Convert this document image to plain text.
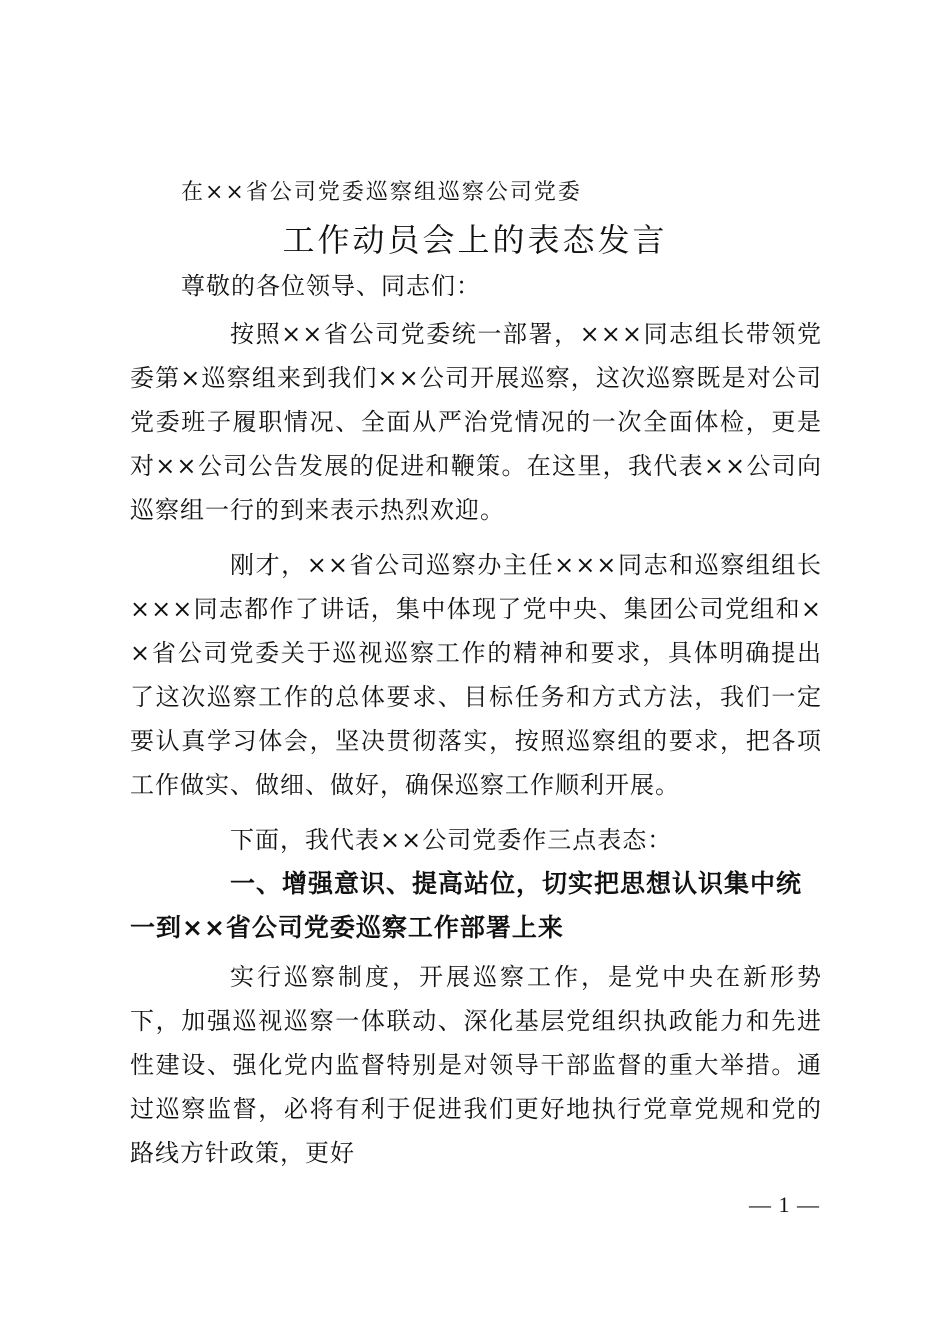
在××省公司党委巡察组巡察公司党委
工作动员会上的表态发言
尊敬的各位领导、同志们：

按照××省公司党委统一部署，×××同志组长带领党委第×巡察组来到我们××公司开展巡察，这次巡察既是对公司党委班子履职情况、全面从严治党情况的一次全面体检，更是对××公司公告发展的促进和鞭策。在这里，我代表××公司向巡察组一行的到来表示热烈欢迎。

刚才，××省公司巡察办主任×××同志和巡察组组长×××同志都作了讲话，集中体现了党中央、集团公司党组和××省公司党委关于巡视巡察工作的精神和要求，具体明确提出了这次巡察工作的总体要求、目标任务和方式方法，我们一定要认真学习体会，坚决贯彻落实，按照巡察组的要求，把各项工作做实、做细、做好，确保巡察工作顺利开展。

下面，我代表××公司党委作三点表态：

一、增强意识、提高站位，切实把思想认识集中统一到××省公司党委巡察工作部署上来

实行巡察制度，开展巡察工作，是党中央在新形势下，加强巡视巡察一体联动、深化基层党组织执政能力和先进性建设、强化党内监督特别是对领导干部监督的重大举措。通过巡察监督，必将有利于促进我们更好地执行党章党规和党的路线方针政策，更好

— 1 —
